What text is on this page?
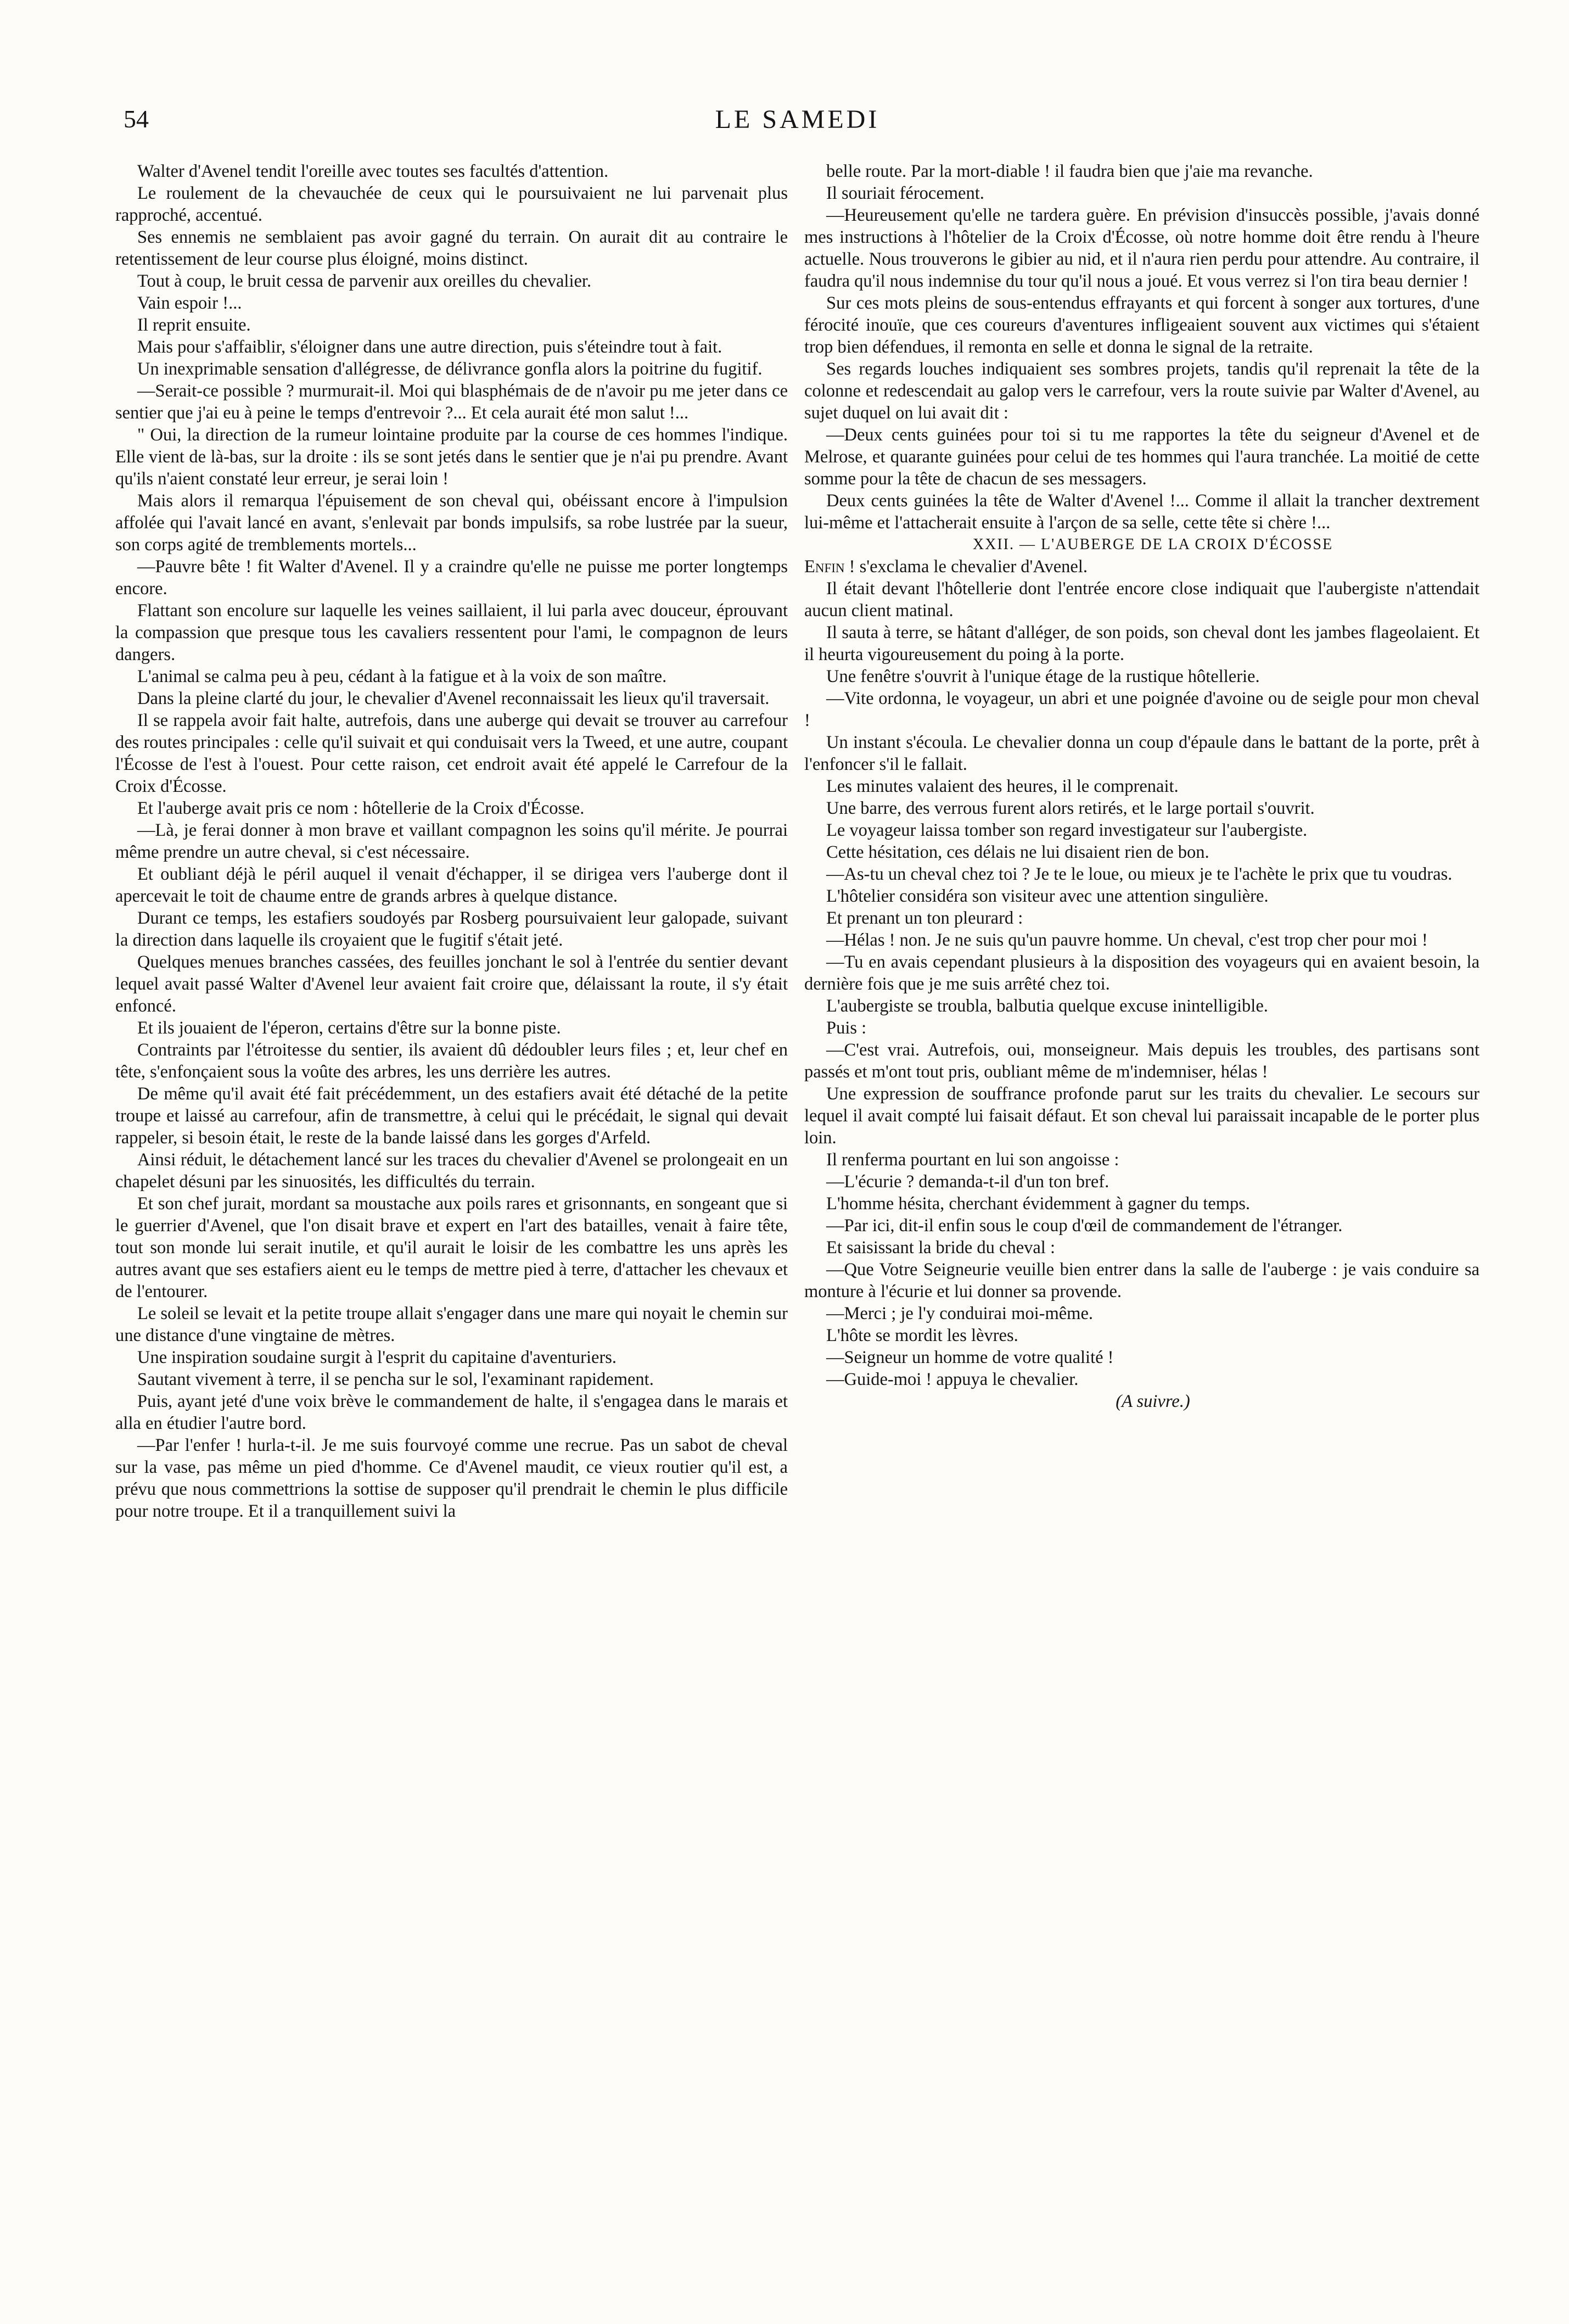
54	LE SAMEDI

Walter d'Avenel tendit l'oreille avec toutes ses facultés d'attention.

Le roulement de la chevauchée de ceux qui le poursuivaient ne lui parvenait plus rapproché, accentué.

Ses ennemis ne semblaient pas avoir gagné du terrain. On aurait dit au contraire le retentissement de leur course plus éloigné, moins distinct.

Tout à coup, le bruit cessa de parvenir aux oreilles du chevalier.

Vain espoir !...

Il reprit ensuite.

Mais pour s'affaiblir, s'éloigner dans une autre direction, puis s'éteindre tout à fait.

Un inexprimable sensation d'allégresse, de délivrance gonfla alors la poitrine du fugitif.

—Serait-ce possible ? murmurait-il. Moi qui blasphémais de de n'avoir pu me jeter dans ce sentier que j'ai eu à peine le temps d'entrevoir ?... Et cela aurait été mon salut !...

" Oui, la direction de la rumeur lointaine produite par la course de ces hommes l'indique. Elle vient de là-bas, sur la droite : ils se sont jetés dans le sentier que je n'ai pu prendre. Avant qu'ils n'aient constaté leur erreur, je serai loin !

Mais alors il remarqua l'épuisement de son cheval qui, obéissant encore à l'impulsion affolée qui l'avait lancé en avant, s'enlevait par bonds impulsifs, sa robe lustrée par la sueur, son corps agité de tremblements mortels...

—Pauvre bête ! fit Walter d'Avenel. Il y a craindre qu'elle ne puisse me porter longtemps encore.

Flattant son encolure sur laquelle les veines saillaient, il lui parla avec douceur, éprouvant la compassion que presque tous les cavaliers ressentent pour l'ami, le compagnon de leurs dangers.

L'animal se calma peu à peu, cédant à la fatigue et à la voix de son maître.

Dans la pleine clarté du jour, le chevalier d'Avenel reconnaissait les lieux qu'il traversait.

Il se rappela avoir fait halte, autrefois, dans une auberge qui devait se trouver au carrefour des routes principales : celle qu'il suivait et qui conduisait vers la Tweed, et une autre, coupant l'Écosse de l'est à l'ouest. Pour cette raison, cet endroit avait été appelé le Carrefour de la Croix d'Écosse.

Et l'auberge avait pris ce nom : hôtellerie de la Croix d'Écosse.

—Là, je ferai donner à mon brave et vaillant compagnon les soins qu'il mérite. Je pourrai même prendre un autre cheval, si c'est nécessaire.

Et oubliant déjà le péril auquel il venait d'échapper, il se dirigea vers l'auberge dont il apercevait le toit de chaume entre de grands arbres à quelque distance.

Durant ce temps, les estafiers soudoyés par Rosberg poursuivaient leur galopade, suivant la direction dans laquelle ils croyaient que le fugitif s'était jeté.

Quelques menues branches cassées, des feuilles jonchant le sol à l'entrée du sentier devant lequel avait passé Walter d'Avenel leur avaient fait croire que, délaissant la route, il s'y était enfoncé.

Et ils jouaient de l'éperon, certains d'être sur la bonne piste.

Contraints par l'étroitesse du sentier, ils avaient dû dédoubler leurs files ; et, leur chef en tête, s'enfonçaient sous la voûte des arbres, les uns derrière les autres.

De même qu'il avait été fait précédemment, un des estafiers avait été détaché de la petite troupe et laissé au carrefour, afin de transmettre, à celui qui le précédait, le signal qui devait rappeler, si besoin était, le reste de la bande laissé dans les gorges d'Arfeld.

Ainsi réduit, le détachement lancé sur les traces du chevalier d'Avenel se prolongeait en un chapelet désuni par les sinuosités, les difficultés du terrain.

Et son chef jurait, mordant sa moustache aux poils rares et grisonnants, en songeant que si le guerrier d'Avenel, que l'on disait brave et expert en l'art des batailles, venait à faire tête, tout son monde lui serait inutile, et qu'il aurait le loisir de les combattre les uns après les autres avant que ses estafiers aient eu le temps de mettre pied à terre, d'attacher les chevaux et de l'entourer.

Le soleil se levait et la petite troupe allait s'engager dans une mare qui noyait le chemin sur une distance d'une vingtaine de mètres.

Une inspiration soudaine surgit à l'esprit du capitaine d'aventuriers.

Sautant vivement à terre, il se pencha sur le sol, l'examinant rapidement.

Puis, ayant jeté d'une voix brève le commandement de halte, il s'engagea dans le marais et alla en étudier l'autre bord.

—Par l'enfer ! hurla-t-il. Je me suis fourvoyé comme une recrue. Pas un sabot de cheval sur la vase, pas même un pied d'homme. Ce d'Avenel maudit, ce vieux routier qu'il est, a prévu que nous commettrions la sottise de supposer qu'il prendrait le chemin le plus difficile pour notre troupe. Et il a tranquillement suivi la

belle route. Par la mort-diable ! il faudra bien que j'aie ma revanche.

Il souriait férocement.

—Heureusement qu'elle ne tardera guère. En prévision d'insuccès possible, j'avais donné mes instructions à l'hôtelier de la Croix d'Écosse, où notre homme doit être rendu à l'heure actuelle. Nous trouverons le gibier au nid, et il n'aura rien perdu pour attendre. Au contraire, il faudra qu'il nous indemnise du tour qu'il nous a joué. Et vous verrez si l'on tira beau dernier !

Sur ces mots pleins de sous-entendus effrayants et qui forcent à songer aux tortures, d'une férocité inouïe, que ces coureurs d'aventures infligeaient souvent aux victimes qui s'étaient trop bien défendues, il remonta en selle et donna le signal de la retraite.

Ses regards louches indiquaient ses sombres projets, tandis qu'il reprenait la tête de la colonne et redescendait au galop vers le carrefour, vers la route suivie par Walter d'Avenel, au sujet duquel on lui avait dit :

—Deux cents guinées pour toi si tu me rapportes la tête du seigneur d'Avenel et de Melrose, et quarante guinées pour celui de tes hommes qui l'aura tranchée. La moitié de cette somme pour la tête de chacun de ses messagers.

Deux cents guinées la tête de Walter d'Avenel !... Comme il allait la trancher dextrement lui-même et l'attacherait ensuite à l'arçon de sa selle, cette tête si chère !...

XXII. — L'AUBERGE DE LA CROIX D'ÉCOSSE

Enfin ! s'exclama le chevalier d'Avenel.

Il était devant l'hôtellerie dont l'entrée encore close indiquait que l'aubergiste n'attendait aucun client matinal.

Il sauta à terre, se hâtant d'alléger, de son poids, son cheval dont les jambes flageolaient. Et il heurta vigoureusement du poing à la porte.

Une fenêtre s'ouvrit à l'unique étage de la rustique hôtellerie.

—Vite ordonna, le voyageur, un abri et une poignée d'avoine ou de seigle pour mon cheval !

Un instant s'écoula. Le chevalier donna un coup d'épaule dans le battant de la porte, prêt à l'enfoncer s'il le fallait.

Les minutes valaient des heures, il le comprenait.

Une barre, des verrous furent alors retirés, et le large portail s'ouvrit.

Le voyageur laissa tomber son regard investigateur sur l'aubergiste.

Cette hésitation, ces délais ne lui disaient rien de bon.

—As-tu un cheval chez toi ? Je te le loue, ou mieux je te l'achète le prix que tu voudras.

L'hôtelier considéra son visiteur avec une attention singulière.

Et prenant un ton pleurard :

—Hélas ! non. Je ne suis qu'un pauvre homme. Un cheval, c'est trop cher pour moi !

—Tu en avais cependant plusieurs à la disposition des voyageurs qui en avaient besoin, la dernière fois que je me suis arrêté chez toi.

L'aubergiste se troubla, balbutia quelque excuse inintelligible.

Puis :

—C'est vrai. Autrefois, oui, monseigneur. Mais depuis les troubles, des partisans sont passés et m'ont tout pris, oubliant même de m'indemniser, hélas !

Une expression de souffrance profonde parut sur les traits du chevalier. Le secours sur lequel il avait compté lui faisait défaut. Et son cheval lui paraissait incapable de le porter plus loin.

Il renferma pourtant en lui son angoisse :

—L'écurie ? demanda-t-il d'un ton bref.

L'homme hésita, cherchant évidemment à gagner du temps.

—Par ici, dit-il enfin sous le coup d'œil de commandement de l'étranger.

Et saisissant la bride du cheval :

—Que Votre Seigneurie veuille bien entrer dans la salle de l'auberge : je vais conduire sa monture à l'écurie et lui donner sa provende.

—Merci ; je l'y conduirai moi-même.

L'hôte se mordit les lèvres.

—Seigneur un homme de votre qualité !

—Guide-moi ! appuya le chevalier.

(A suivre.)
